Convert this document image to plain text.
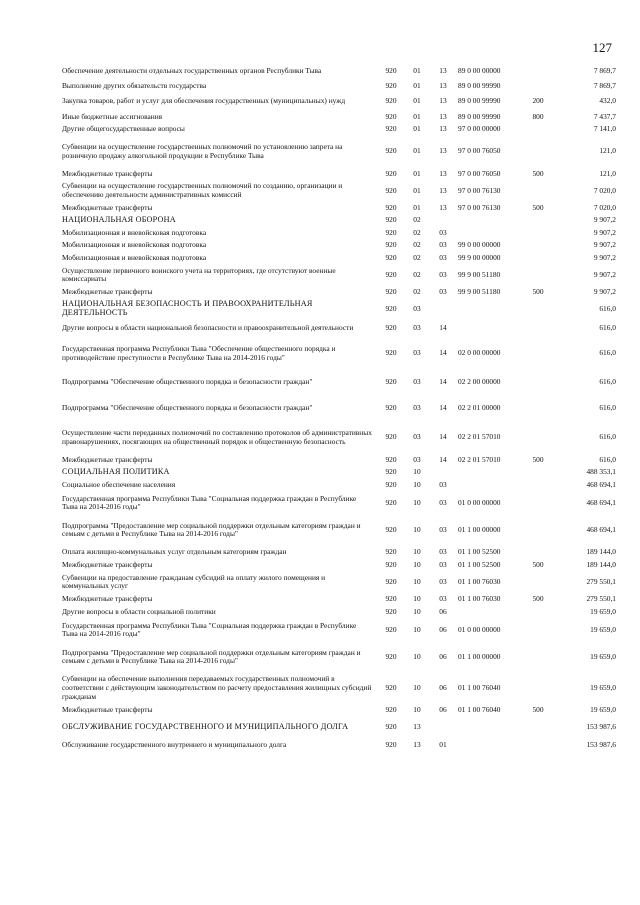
127
Обеспечение деятельности отдельных государственных органов Республики Тыва	920	01	13	89 0 00 00000		7 869,7
Выполнение других обязательств государства	920	01	13	89 0 00 99990		7 869,7
Закупка товаров, работ и услуг для обеспечения государственных (муниципальных) нужд	920	01	13	89 0 00 99990	200	432,0
Иные бюджетные ассигнования	920	01	13	89 0 00 99990	800	7 437,7
Другие общегосударственные вопросы	920	01	13	97 0 00 00000		7 141,0
Субвенции на осуществление государственных полномочий по установлению запрета на розничную продажу алкогольной продукции в Республике Тыва	920	01	13	97 0 00 76050		121,0
Межбюджетные трансферты	920	01	13	97 0 00 76050	500	121,0
Субвенции на осуществление государственных полномочий по созданию, организации и обеспечению деятельности административных комиссий	920	01	13	97 0 00 76130		7 020,0
Межбюджетные трансферты	920	01	13	97 0 00 76130	500	7 020,0
НАЦИОНАЛЬНАЯ ОБОРОНА	920	02				9 907,2
Мобилизационная и вневойсковая подготовка	920	02	03			9 907,2
Мобилизационная и вневойсковая подготовка	920	02	03	99 0 00 00000		9 907,2
Мобилизационная и вневойсковая подготовка	920	02	03	99 9 00 00000		9 907,2
Осуществление первичного воинского учета на территориях, где отсутствуют военные комиссариаты	920	02	03	99 9 00 51180		9 907,2
Межбюджетные трансферты	920	02	03	99 9 00 51180	500	9 907,2
НАЦИОНАЛЬНАЯ БЕЗОПАСНОСТЬ И ПРАВООХРАНИТЕЛЬНАЯ ДЕЯТЕЛЬНОСТЬ	920	03				616,0
Другие вопросы в области национальной безопасности и правоохранительной деятельности	920	03	14			616,0
Государственная программа Республики Тыва "Обеспечение общественного порядка и противодействие преступности в Республике Тыва на 2014-2016 годы"	920	03	14	02 0 00 00000		616,0
Подпрограмма "Обеспечение общественного порядка и безопасности граждан"	920	03	14	02 2 00 00000		616,0
Подпрограмма "Обеспечение общественного порядка и безопасности граждан"	920	03	14	02 2 01 00000		616,0
Осуществление части переданных полномочий по составлению протоколов об административных правонарушениях, посягающих на общественный порядок и общественную безопасность	920	03	14	02 2 01 57010		616,0
Межбюджетные трансферты	920	03	14	02 2 01 57010	500	616,0
СОЦИАЛЬНАЯ ПОЛИТИКА	920	10				488 353,1
Социальное обеспечение населения	920	10	03			468 694,1
Государственная программа Республики Тыва "Социальная поддержка граждан в Республике Тыва на 2014-2016 годы"	920	10	03	01 0 00 00000		468 694,1
Подпрограмма "Предоставление мер социальной поддержки отдельным категориям граждан и семьям с детьми в Республике Тыва на 2014-2016 годы"	920	10	03	01 1 00 00000		468 694,1
Оплата жилищно-коммунальных услуг отдельным категориям граждан	920	10	03	01 1 00 52500		189 144,0
Межбюджетные трансферты	920	10	03	01 1 00 52500	500	189 144,0
Субвенции на предоставление гражданам субсидий на оплату жилого помещения и коммунальных услуг	920	10	03	01 1 00 76030		279 550,1
Межбюджетные трансферты	920	10	03	01 1 00 76030	500	279 550,1
Другие вопросы в области социальной политики	920	10	06			19 659,0
Государственная программа Республики Тыва "Социальная поддержка граждан в Республике Тыва на 2014-2016 годы"	920	10	06	01 0 00 00000		19 659,0
Подпрограмма "Предоставление мер социальной поддержки отдельным категориям граждан и семьям с детьми в Республике Тыва на 2014-2016 годы"	920	10	06	01 1 00 00000		19 659,0
Субвенции на обеспечение выполнения передаваемых государственных полномочий в соответствии с действующим законодательством по расчету предоставления жилищных субсидий гражданам	920	10	06	01 1 00 76040		19 659,0
Межбюджетные трансферты	920	10	06	01 1 00 76040	500	19 659,0
ОБСЛУЖИВАНИЕ ГОСУДАРСТВЕННОГО И МУНИЦИПАЛЬНОГО ДОЛГА	920	13				153 987,6
Обслуживание государственного внутреннего и муниципального долга	920	13	01			153 987,6
